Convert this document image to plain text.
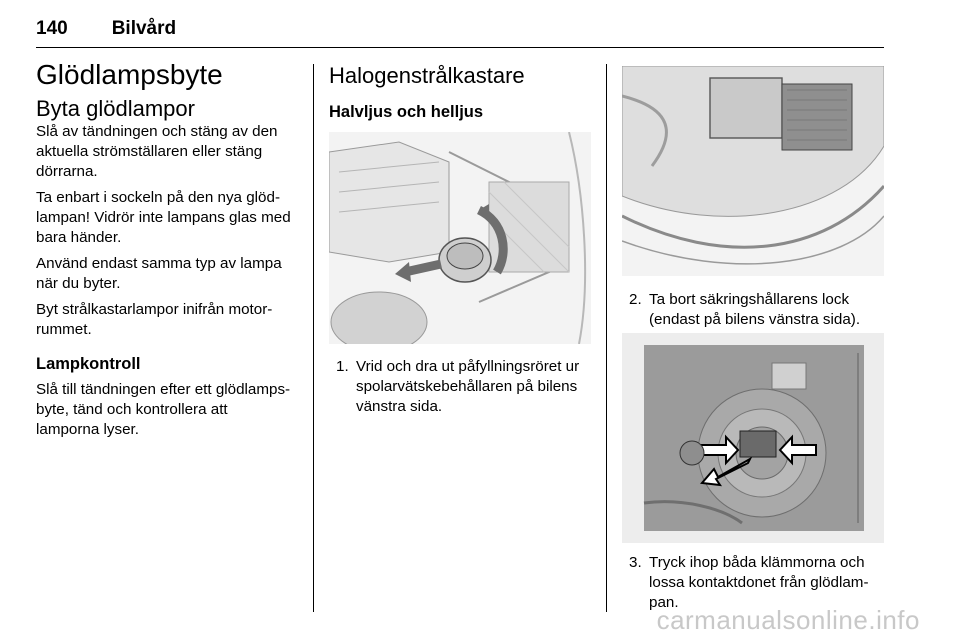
140 Bilvård
Glödlampsbyte
Byta glödlampor

Slå av tändningen och stäng av den
aktuella strömställaren eller stäng
dörrarna.

Ta enbart i sockeln på den nya glöd-
lampan! Vidrör inte lampans glas med
bara händer.

Använd endast samma typ av lampa
när du byter.

Byt strålkastarlampor inifrån motor-
rummet.

Lampkontroll

Slå till tändningen efter ett glödlamps-
byte, tänd och kontrollera att
lamporna lyser.

Halogenstrålkastare
Halvljus och helljus
1. Vrid och dra ut påfyllningsröret ur
spolarvätskebehållaren på bilens
vänstra sida.
2. Ta bort säkringshållarens lock
(endast på bilens vänstra sida).
3. Tryck ihop båda klämmorna och
lossa kontaktdonet från glödlam-
pan.
carmanualsonline.info
